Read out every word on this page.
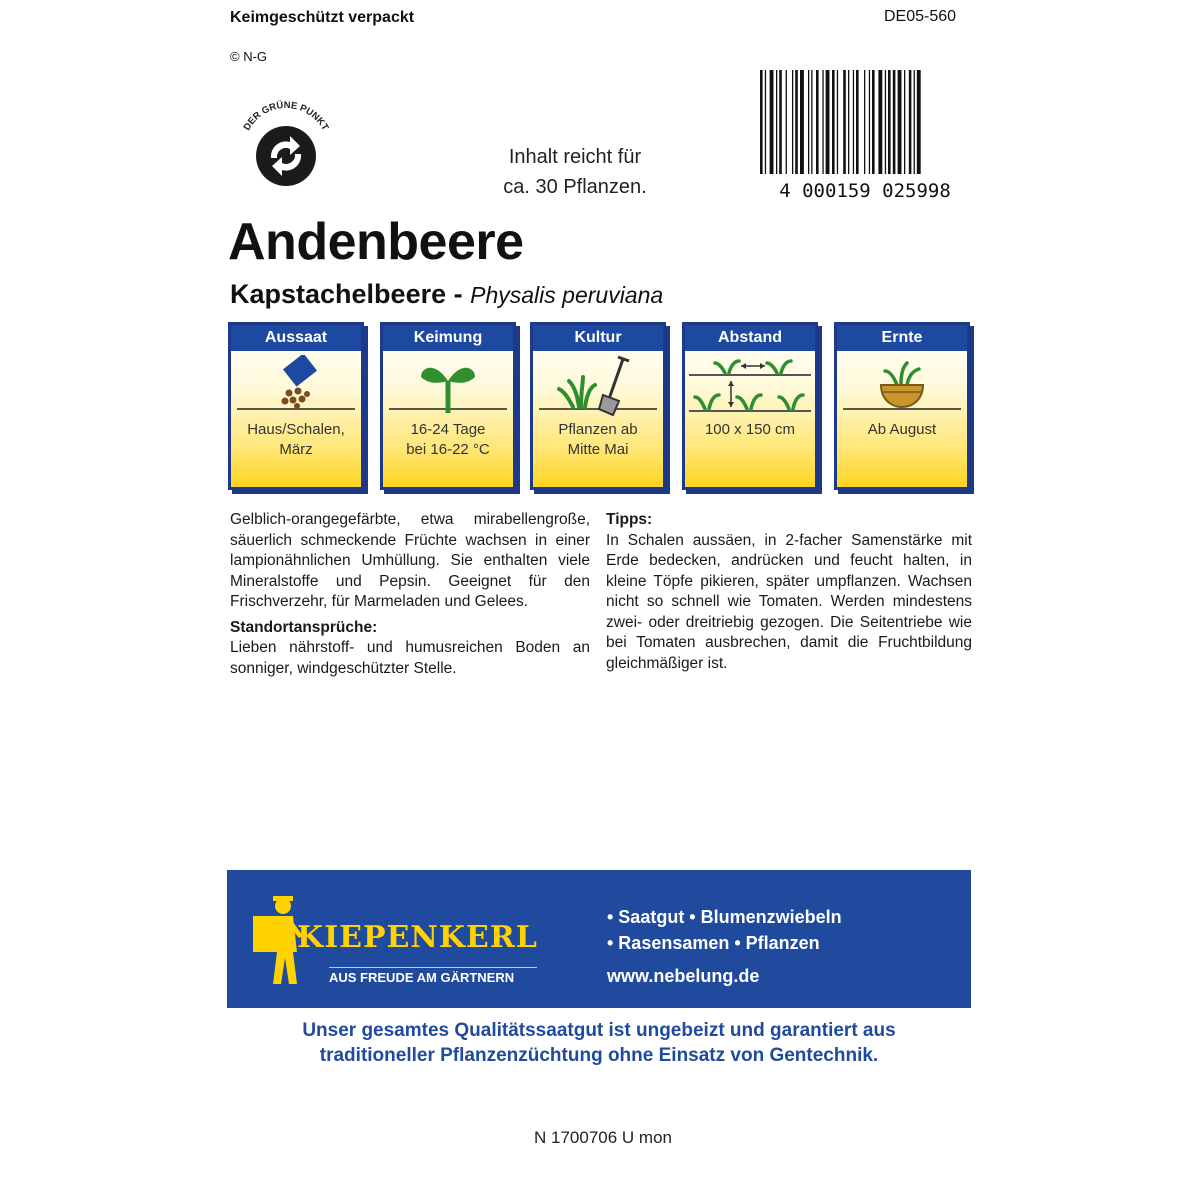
Keimgeschützt verpackt	DE05-560
© N-G
DER GRÜNE PUNKT
Inhalt reicht für
ca. 30 Pflanzen.	4 000159 025998
Andenbeere
Kapstachelbeere - Physalis peruviana
Aussaat
Haus/Schalen,
März
Keimung
16-24 Tage
bei 16-22 °C
Kultur
Pflanzen ab
Mitte Mai
Abstand
100 x 150 cm
Ernte
Ab August

Gelblich-orangegefärbte, etwa mirabellengroße, säuerlich schmeckende Früchte wachsen in einer lampionähnlichen Umhüllung. Sie enthalten viele Mineralstoffe und Pepsin. Geeignet für den Frischverzehr, für Marmeladen und Gelees.

Standortansprüche:

Lieben nährstoff- und humusreichen Boden an sonniger, windgeschützter Stelle.

Tipps:

In Schalen aussäen, in 2-facher Samenstärke mit Erde bedecken, andrücken und feucht halten, in kleine Töpfe pikieren, später umpflanzen. Wachsen nicht so schnell wie Tomaten. Werden mindestens zwei- oder dreitriebig gezogen. Die Seitentriebe wie bei Tomaten ausbrechen, damit die Fruchtbildung gleichmäßiger ist.

KIEPENKERL
AUS FREUDE AM GÄRTNERN
• Saatgut • Blumenzwiebeln
• Rasensamen • Pflanzen
www.nebelung.de
Unser gesamtes Qualitätssaatgut ist ungebeizt und garantiert aus
traditioneller Pflanzenzüchtung ohne Einsatz von Gentechnik.
N 1700706 U mon
